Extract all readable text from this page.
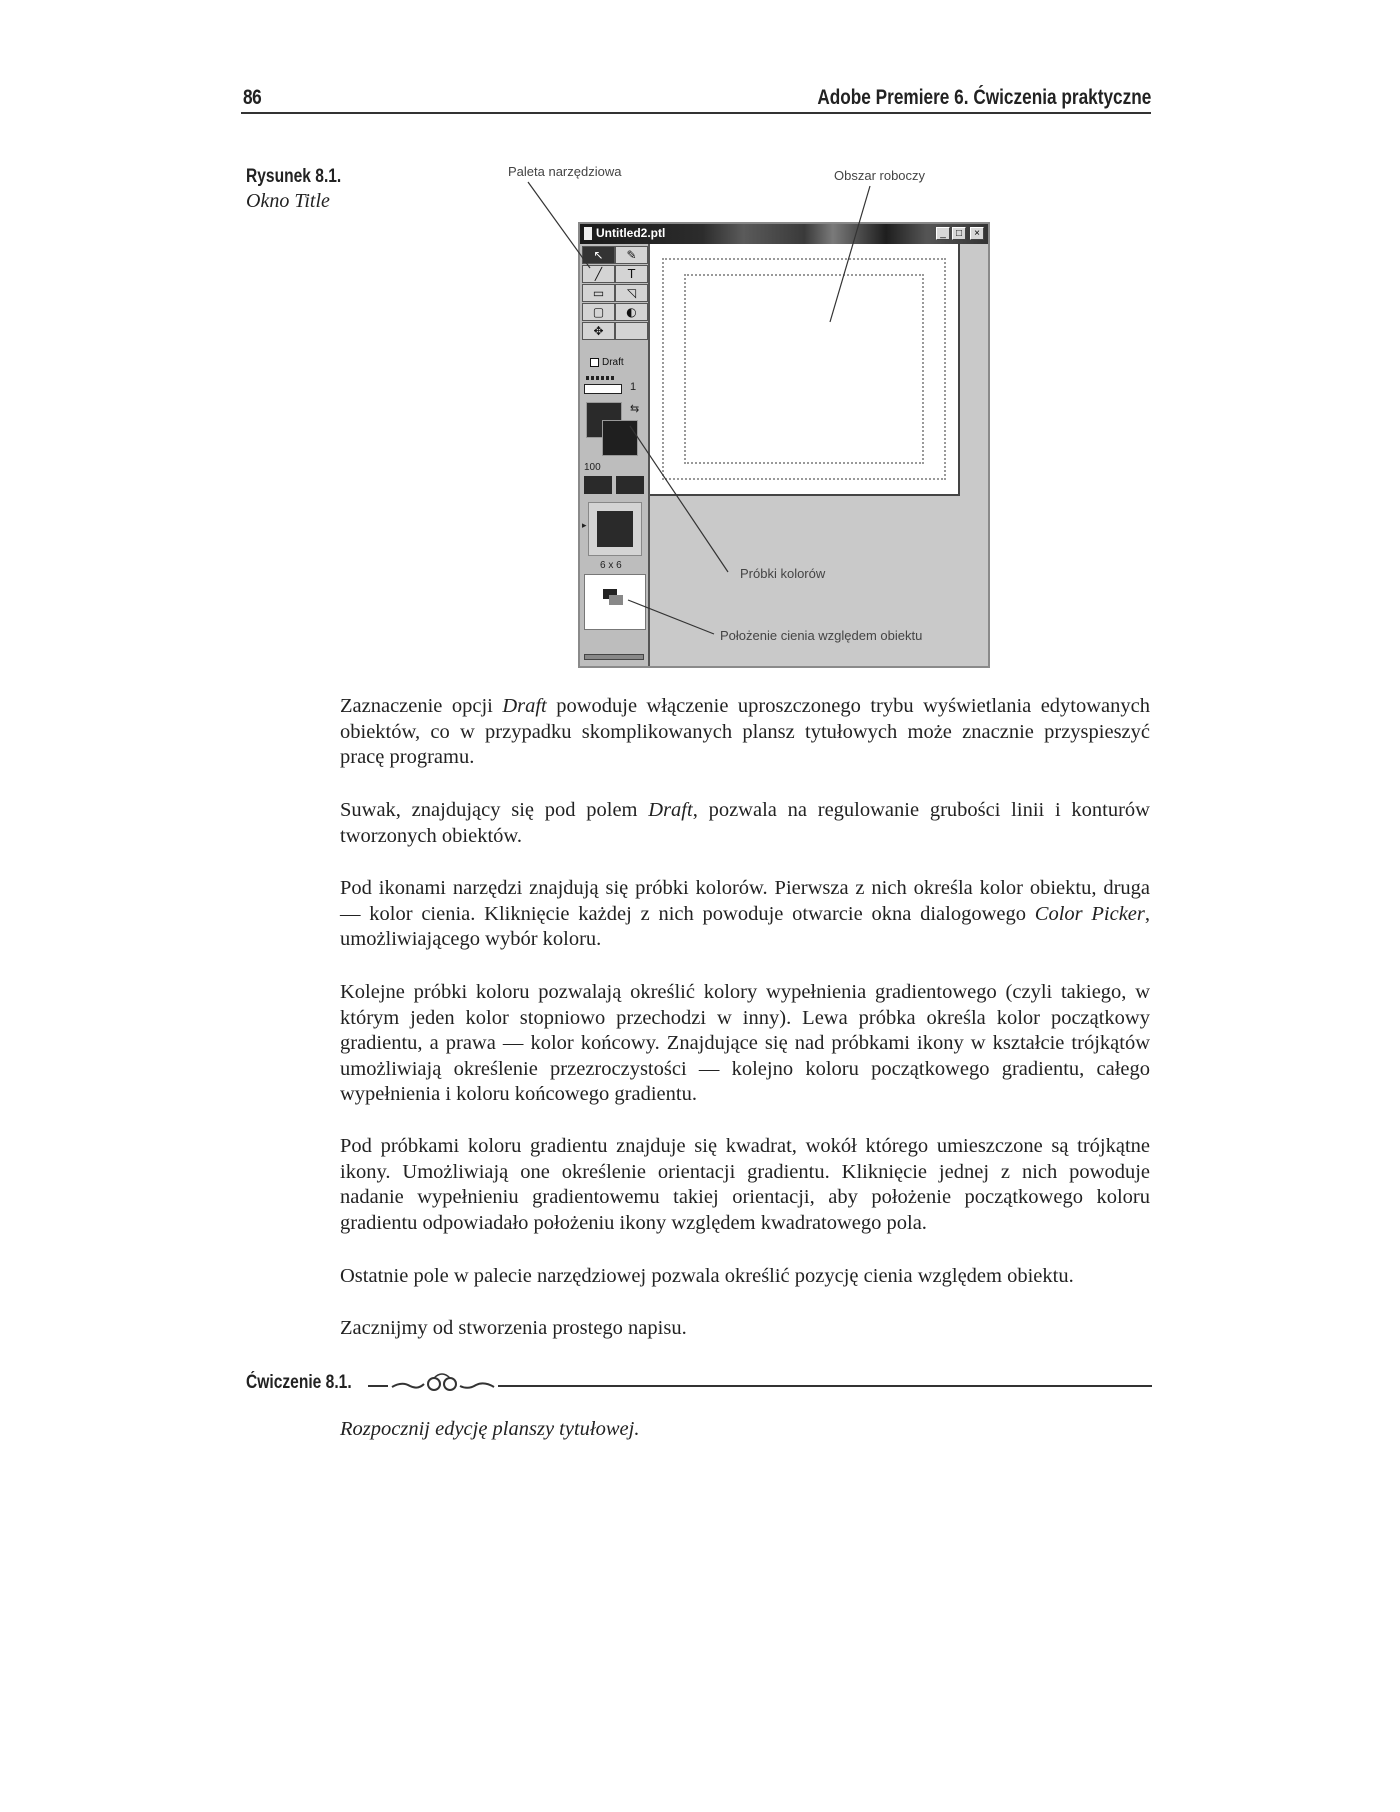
86	Adobe Premiere 6. Ćwiczenia praktyczne
Rysunek 8.1.
Okno Title
Paleta narzędziowa	Obszar roboczy
Untitled2.ptl	_	□	×
↖	✎
╱	T
▭	◹
▢	◐
✥
Draft
1
⇆
100
▸
6 x 6
Próbki kolorów
Położenie cienia względem obiektu

Zaznaczenie opcji Draft powoduje włączenie uproszczonego trybu wyświetlania edytowanych obiektów, co w przypadku skomplikowanych plansz tytułowych może znacznie przyspieszyć pracę programu.

Suwak, znajdujący się pod polem Draft, pozwala na regulowanie grubości linii i konturów tworzonych obiektów.

Pod ikonami narzędzi znajdują się próbki kolorów. Pierwsza z nich określa kolor obiektu, druga — kolor cienia. Kliknięcie każdej z nich powoduje otwarcie okna dialogowego Color Picker, umożliwiającego wybór koloru.

Kolejne próbki koloru pozwalają określić kolory wypełnienia gradientowego (czyli takiego, w którym jeden kolor stopniowo przechodzi w inny). Lewa próbka określa kolor początkowy gradientu, a prawa — kolor końcowy. Znajdujące się nad próbkami ikony w kształcie trójkątów umożliwiają określenie przezroczystości — kolejno koloru początkowego gradientu, całego wypełnienia i koloru końcowego gradientu.

Pod próbkami koloru gradientu znajduje się kwadrat, wokół którego umieszczone są trójkątne ikony. Umożliwiają one określenie orientacji gradientu. Kliknięcie jednej z nich powoduje nadanie wypełnieniu gradientowemu takiej orientacji, aby położenie początkowego koloru gradientu odpowiadało położeniu ikony względem kwadratowego pola.

Ostatnie pole w palecie narzędziowej pozwala określić pozycję cienia względem obiektu.

Zacznijmy od stworzenia prostego napisu.

Ćwiczenie 8.1.

Rozpocznij edycję planszy tytułowej.
